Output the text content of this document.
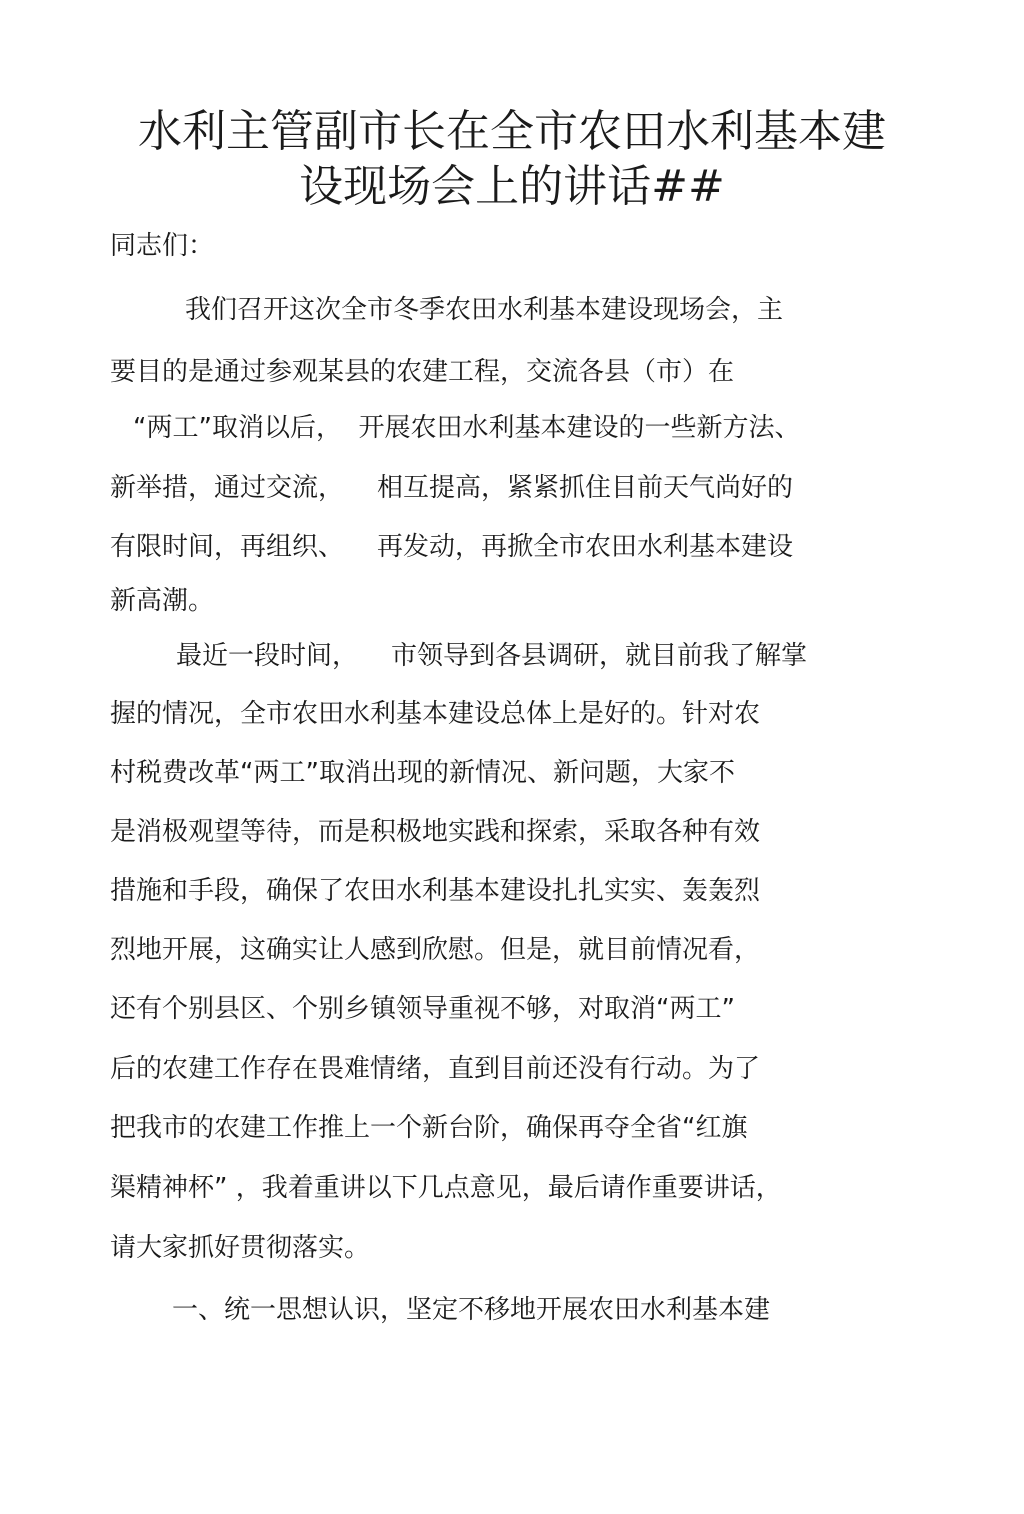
水利主管副市长在全市农田水利基本建
设现场会上的讲话##
同志们：
我们召开这次全市冬季农田水利基本建设现场会，主
要目的是通过参观某县的农建工程，交流各县（市）在
“两工”取消以后，  开展农田水利基本建设的一些新方法、
新举措，通过交流，    相互提高，紧紧抓住目前天气尚好的
有限时间，再组织、    再发动，再掀全市农田水利基本建设
新高潮。
最近一段时间，    市领导到各县调研，就目前我了解掌
握的情况，全市农田水利基本建设总体上是好的。针对农
村税费改革“两工”取消出现的新情况、新问题，大家不
是消极观望等待，而是积极地实践和探索，采取各种有效
措施和手段，确保了农田水利基本建设扎扎实实、轰轰烈
烈地开展，这确实让人感到欣慰。但是，就目前情况看，
还有个别县区、个别乡镇领导重视不够，对取消“两工”
后的农建工作存在畏难情绪，直到目前还没有行动。为了
把我市的农建工作推上一个新台阶，确保再夺全省“红旗
渠精神杯” ，我着重讲以下几点意见，最后请作重要讲话，
请大家抓好贯彻落实。
一、统一思想认识，坚定不移地开展农田水利基本建
